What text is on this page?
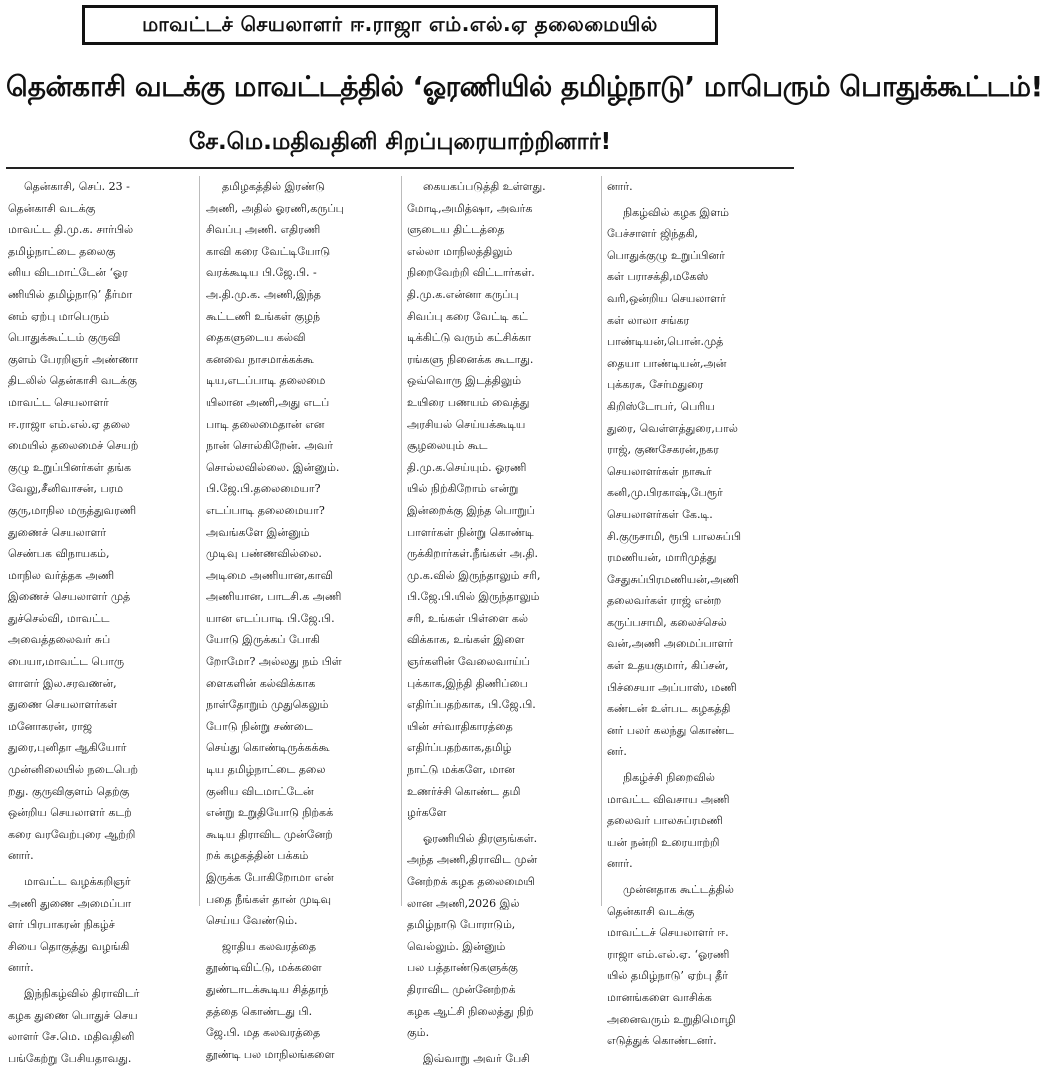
மாவட்டச் செயலாளர் ஈ.ராஜா எம்.எல்.ஏ தலைமையில்
தென்காசி வடக்கு மாவட்டத்தில் ‘ஓரணியில் தமிழ்நாடு’ மாபெரும் பொதுக்கூட்டம்!
சே.மெ.மதிவதினி சிறப்புரையாற்றினார்!

தென்காசி, செப். 23 -
தென்காசி வடக்கு
மாவட்ட தி.மு.க. சார்பில்
தமிழ்நாட்டை தலைகு
னிய விடமாட்டேன் ‘ஓர
ணியில் தமிழ்நாடு’ தீர்மா
னம் ஏற்பு மாபெரும்
பொதுக்கூட்டம் குருவி
குளம் பேரறிஞர் அண்ணா
திடலில் தென்காசி வடக்கு
மாவட்ட செயலாளர்
ஈ.ராஜா எம்.எல்.ஏ தலை
மையில் தலைமைச் செயற்
குழு உறுப்பினர்கள் தங்க
வேலு,சீனிவாசன், பரம
குரு,மாநில மருத்துவரணி
துணைச் செயலாளர்
செண்பக விநாயகம்,
மாநில வர்த்தக அணி
இணைச் செயலாளர் முத்
துச்செல்வி, மாவட்ட
அவைத்தலைவர் சுப்
பையா,மாவட்ட பொரு
ளாளர் இல.சரவணன்,
துணை செயலாளர்கள்
மனோகரன், ராஜ
துரை,புனிதா ஆகியோர்
முன்னிலையில் நடைபெற்
றது. குருவிகுளம் தெற்கு
ஒன்றிய செயலாளர் கடற்
கரை வரவேற்புரை ஆற்றி
னார்.

மாவட்ட வழக்கறிஞர்
அணி துணை அமைப்பா
ளர் பிரபாகரன் நிகழ்ச்
சியை தொகுத்து வழங்கி
னார்.

இந்நிகழ்வில் திராவிடர்
கழக துணை பொதுச் செய
லாளர் சே.மெ. மதிவதினி
பங்கேற்று பேசியதாவது.

தமிழகத்தில் இரண்டு
அணி, அதில் ஓரணி,கருப்பு
சிவப்பு அணி. எதிரணி
காவி கரை வேட்டியோடு
வரக்கூடிய பி.ஜே.பி. -
அ.தி.மு.க. அணி,இந்த
கூட்டணி உங்கள் குழந்
தைகளுடைய கல்வி
கனவை நாசமாக்கக்கூ
டிய,எடப்பாடி தலைமை
யிலான அணி,அது எடப்
பாடி தலைமைதான் என
நான் சொல்கிறேன். அவர்
சொல்லவில்லை. இன்னும்.
பி.ஜே.பி.தலைமையா?
எடப்பாடி தலைமையா?
அவங்களே இன்னும்
முடிவு பண்ணவில்லை.
அடிமை அணியான,காவி
அணியான, பாடசி.க அணி
யான எடப்பாடி பி.ஜே.பி.
யோடு இருக்கப் போகி
றோமோ? அல்லது நம் பிள்
ளைகளின் கல்விக்காக
நாள்தோறும் முதுகெலும்
போடு நின்று சண்டை
செய்து கொண்டிருக்கக்கூ
டிய தமிழ்நாட்டை தலை
குனிய விடமாட்டேன்
என்று உறுதியோடு நிற்கக்
கூடிய திராவிட முன்னேற்
றக் கழகத்தின் பக்கம்
இருக்க போகிறோமா என்
பதை நீங்கள் தான் முடிவு
செய்ய வேண்டும்.

ஜாதிய கலவரத்தை
தூண்டிவிட்டு, மக்களை
துண்டாடக்கூடிய சித்தாந்
தத்தை கொண்டது பி.
ஜே.பி. மத கலவரத்தை
தூண்டி பல மாநிலங்களை

கையகப்படுத்தி உள்ளது.
மோடி,அமித்ஷா, அவர்க
ளுடைய திட்டத்தை
எல்லா மாநிலத்திலும்
நிறைவேற்றி விட்டார்கள்.
தி.மு.க.என்னா கருப்பு
சிவப்பு கரை வேட்டி கட்
டிக்கிட்டு வரும் கட்சிக்கா
ரங்களு நினைக்க கூடாது.
ஒவ்வொரு இடத்திலும்
உயிரை பணயம் வைத்து
அரசியல் செய்யக்கூடிய
சூழலையும் கூட
தி.மு.க.செய்யும். ஓரணி
யில் நிற்கிறோம் என்று
இன்றைக்கு இந்த பொறுப்
பாளர்கள் நின்று கொண்டி
ருக்கிறார்கள்.நீங்கள் அ.தி.
மு.க.வில் இருந்தாலும் சரி,
பி.ஜே.பி.யில் இருந்தாலும்
சரி, உங்கள் பிள்ளை கல்
விக்காக, உங்கள் இளை
ஞர்களின் வேலைவாய்ப்
புக்காக,இந்தி திணிப்பை
எதிர்ப்பதற்காக, பி.ஜே.பி.
யின் சர்வாதிகாரத்தை
எதிர்ப்பதற்காக,தமிழ்
நாட்டு மக்களே, மான
உணர்ச்சி கொண்ட தமி
ழர்களே

ஓரணியில் திரளுங்கள்.
அந்த அணி,திராவிட முன்
னேற்றக் கழக தலைமையி
லான அணி,2026 இல்
தமிழ்நாடு போராடும்,
வெல்லும். இன்னும்
பல பத்தாண்டுகளுக்கு
திராவிட முன்னேற்றக்
கழக ஆட்சி நிலைத்து நிற்
கும்.

இவ்வாறு அவர் பேசி

னார்.

நிகழ்வில் கழக இளம்
பேச்சாளர் ஜிந்தகி,
பொதுக்குழு உறுப்பினர்
கள் பராசக்தி,மகேஸ்
வரி,ஒன்றிய செயலாளர்
கள் லாலா சங்கர
பாண்டியன்,பொன்.முத்
தையா பாண்டியன்,அன்
புக்கரசு, சேர்மதுரை
கிறிஸ்டோபர், பெரிய
துரை, வெள்ளத்துரை,பால்
ராஜ், குணசேகரன்,நகர
செயலாளர்கள் நாகூர்
கனி,மு.பிரகாஷ்,பேரூர்
செயலாளர்கள் கே.டி.
சி.குருசாமி, ரூபி பாலசுப்பி
ரமணியன், மாரிமுத்து
சேதுசுப்பிரமணியன்,அணி
தலைவர்கள் ராஜ் என்ற
கருப்பசாமி, கலைச்செல்
வன்,அணி அமைப்பாளர்
கள் உதயகுமார், கிப்சன்,
பிச்சையா அப்பாஸ், மணி
கண்டன் உள்பட கழகத்தி
னர் பலர் கலந்து கொண்ட
னர்.

நிகழ்ச்சி நிறைவில்
மாவட்ட விவசாய அணி
தலைவர் பாலசுப்ரமணி
யன் நன்றி உரையாற்றி
னார்.

முன்னதாக கூட்டத்தில்
தென்காசி வடக்கு
மாவட்டச் செயலாளர் ஈ.
ராஜா எம்.எல்.ஏ. ‘ஓரணி
யில் தமிழ்நாடு’ ஏற்பு தீர்
மானங்களை வாசிக்க
அனைவரும் உறுதிமொழி
எடுத்துக் கொண்டனர்.
